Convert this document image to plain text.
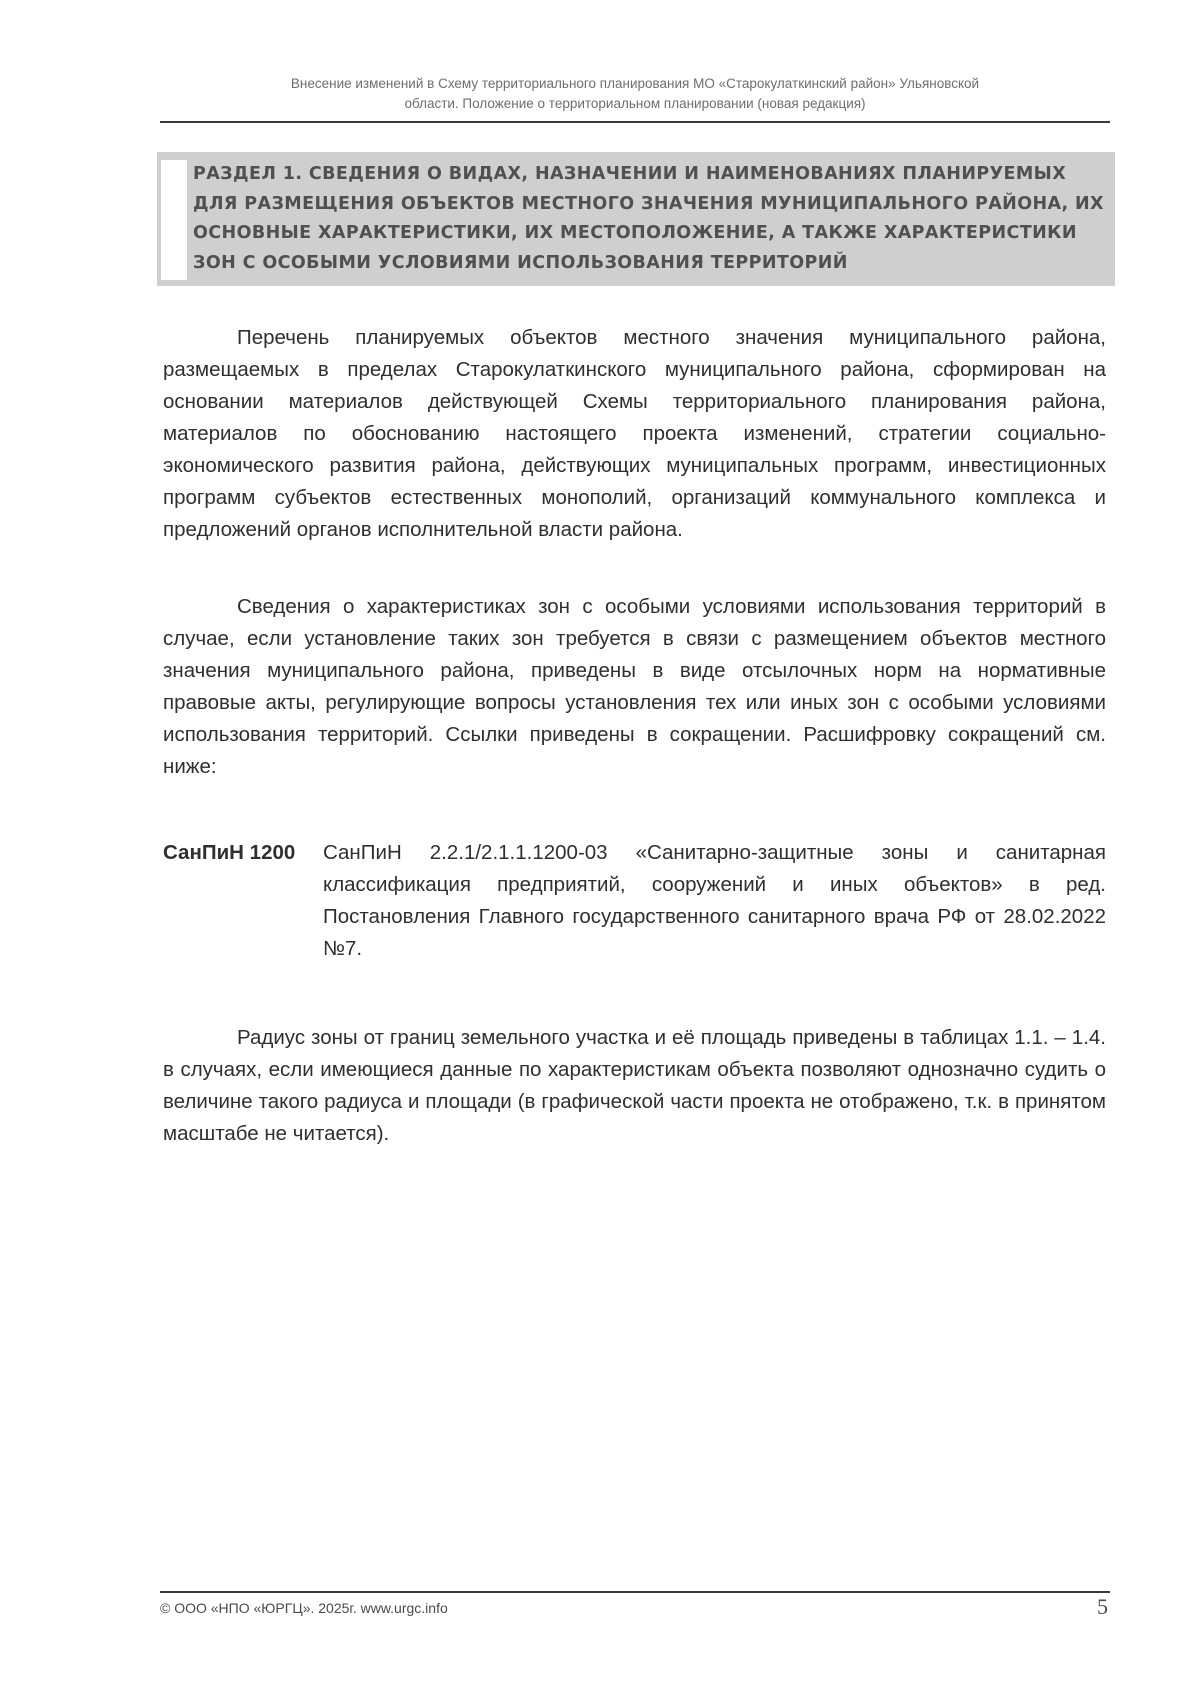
Внесение изменений в Схему территориального планирования МО «Старокулаткинский район» Ульяновской
области. Положение о территориальном планировании (новая редакция)
РАЗДЕЛ 1. СВЕДЕНИЯ О ВИДАХ, НАЗНАЧЕНИИ И НАИМЕНОВАНИЯХ ПЛАНИРУЕМЫХ ДЛЯ РАЗМЕЩЕНИЯ ОБЪЕКТОВ МЕСТНОГО ЗНАЧЕНИЯ МУНИЦИПАЛЬНОГО РАЙОНА, ИХ ОСНОВНЫЕ ХАРАКТЕРИСТИКИ, ИХ МЕСТОПОЛОЖЕНИЕ, А ТАКЖЕ ХАРАКТЕРИСТИКИ ЗОН С ОСОБЫМИ УСЛОВИЯМИ ИСПОЛЬЗОВАНИЯ ТЕРРИТОРИЙ

Перечень планируемых объектов местного значения муниципального района, размещаемых в пределах Старокулаткинского муниципального района, сформирован на основании материалов действующей Схемы территориального планирования района, материалов по обоснованию настоящего проекта изменений, стратегии социально-экономического развития района, действующих муниципальных программ, инвестиционных программ субъектов естественных монополий, организаций коммунального комплекса и предложений органов исполнительной власти района.

Сведения о характеристиках зон с особыми условиями использования территорий в случае, если установление таких зон требуется в связи с размещением объектов местного значения муниципального района, приведены в виде отсылочных норм на нормативные правовые акты, регулирующие вопросы установления тех или иных зон с особыми условиями использования территорий. Ссылки приведены в сокращении. Расшифровку сокращений см. ниже:

СанПиН 1200	СанПиН 2.2.1/2.1.1.1200-03 «Санитарно-защитные зоны и санитарная классификация предприятий, сооружений и иных объектов» в ред. Постановления Главного государственного санитарного врача РФ от 28.02.2022 №7.

Радиус зоны от границ земельного участка и её площадь приведены в таблицах 1.1. – 1.4. в случаях, если имеющиеся данные по характеристикам объекта позволяют однозначно судить о величине такого радиуса и площади (в графической части проекта не отображено, т.к. в принятом масштабе не читается).

© ООО «НПО «ЮРГЦ». 2025г. www.urgc.info	5
